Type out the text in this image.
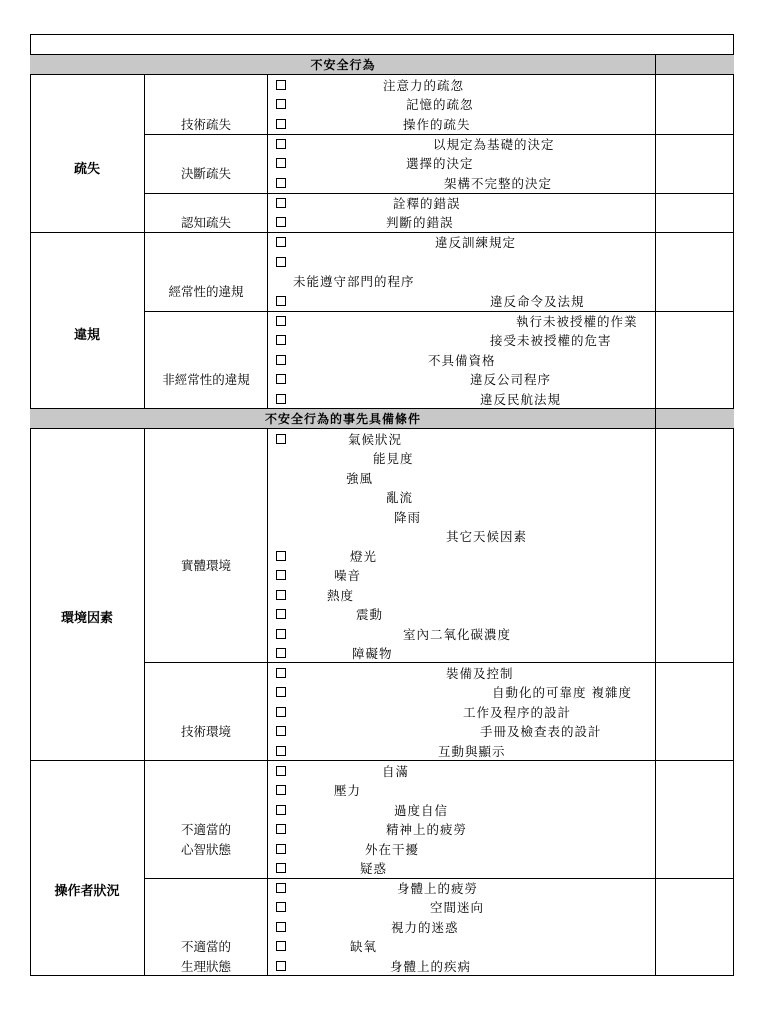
不安全行為
不安全行為的事先具備條件
疏失
違規
環境因素
操作者狀況
技術疏失
決斷疏失
認知疏失
經常性的違規
非經常性的違規
實體環境
技術環境
不適當的
心智狀態
不適當的
生理狀態
注意力的疏忽
記憶的疏忽
操作的疏失
以規定為基礎的決定
選擇的決定
架構不完整的決定
詮釋的錯誤
判斷的錯誤
違反訓練規定
未能遵守部門的程序
違反命令及法規
執行未被授權的作業
接受未被授權的危害
不具備資格
違反公司程序
違反民航法規
氣候狀況
能見度
強風
亂流
降雨
其它天候因素
燈光
噪音
熱度
震動
室內二氧化碳濃度
障礙物
裝備及控制
自動化的可靠度 複雜度
工作及程序的設計
手冊及檢查表的設計
互動與顯示
自滿
壓力
過度自信
精神上的疲勞
外在干擾
疑惑
身體上的疲勞
空間迷向
視力的迷惑
缺氧
身體上的疾病
